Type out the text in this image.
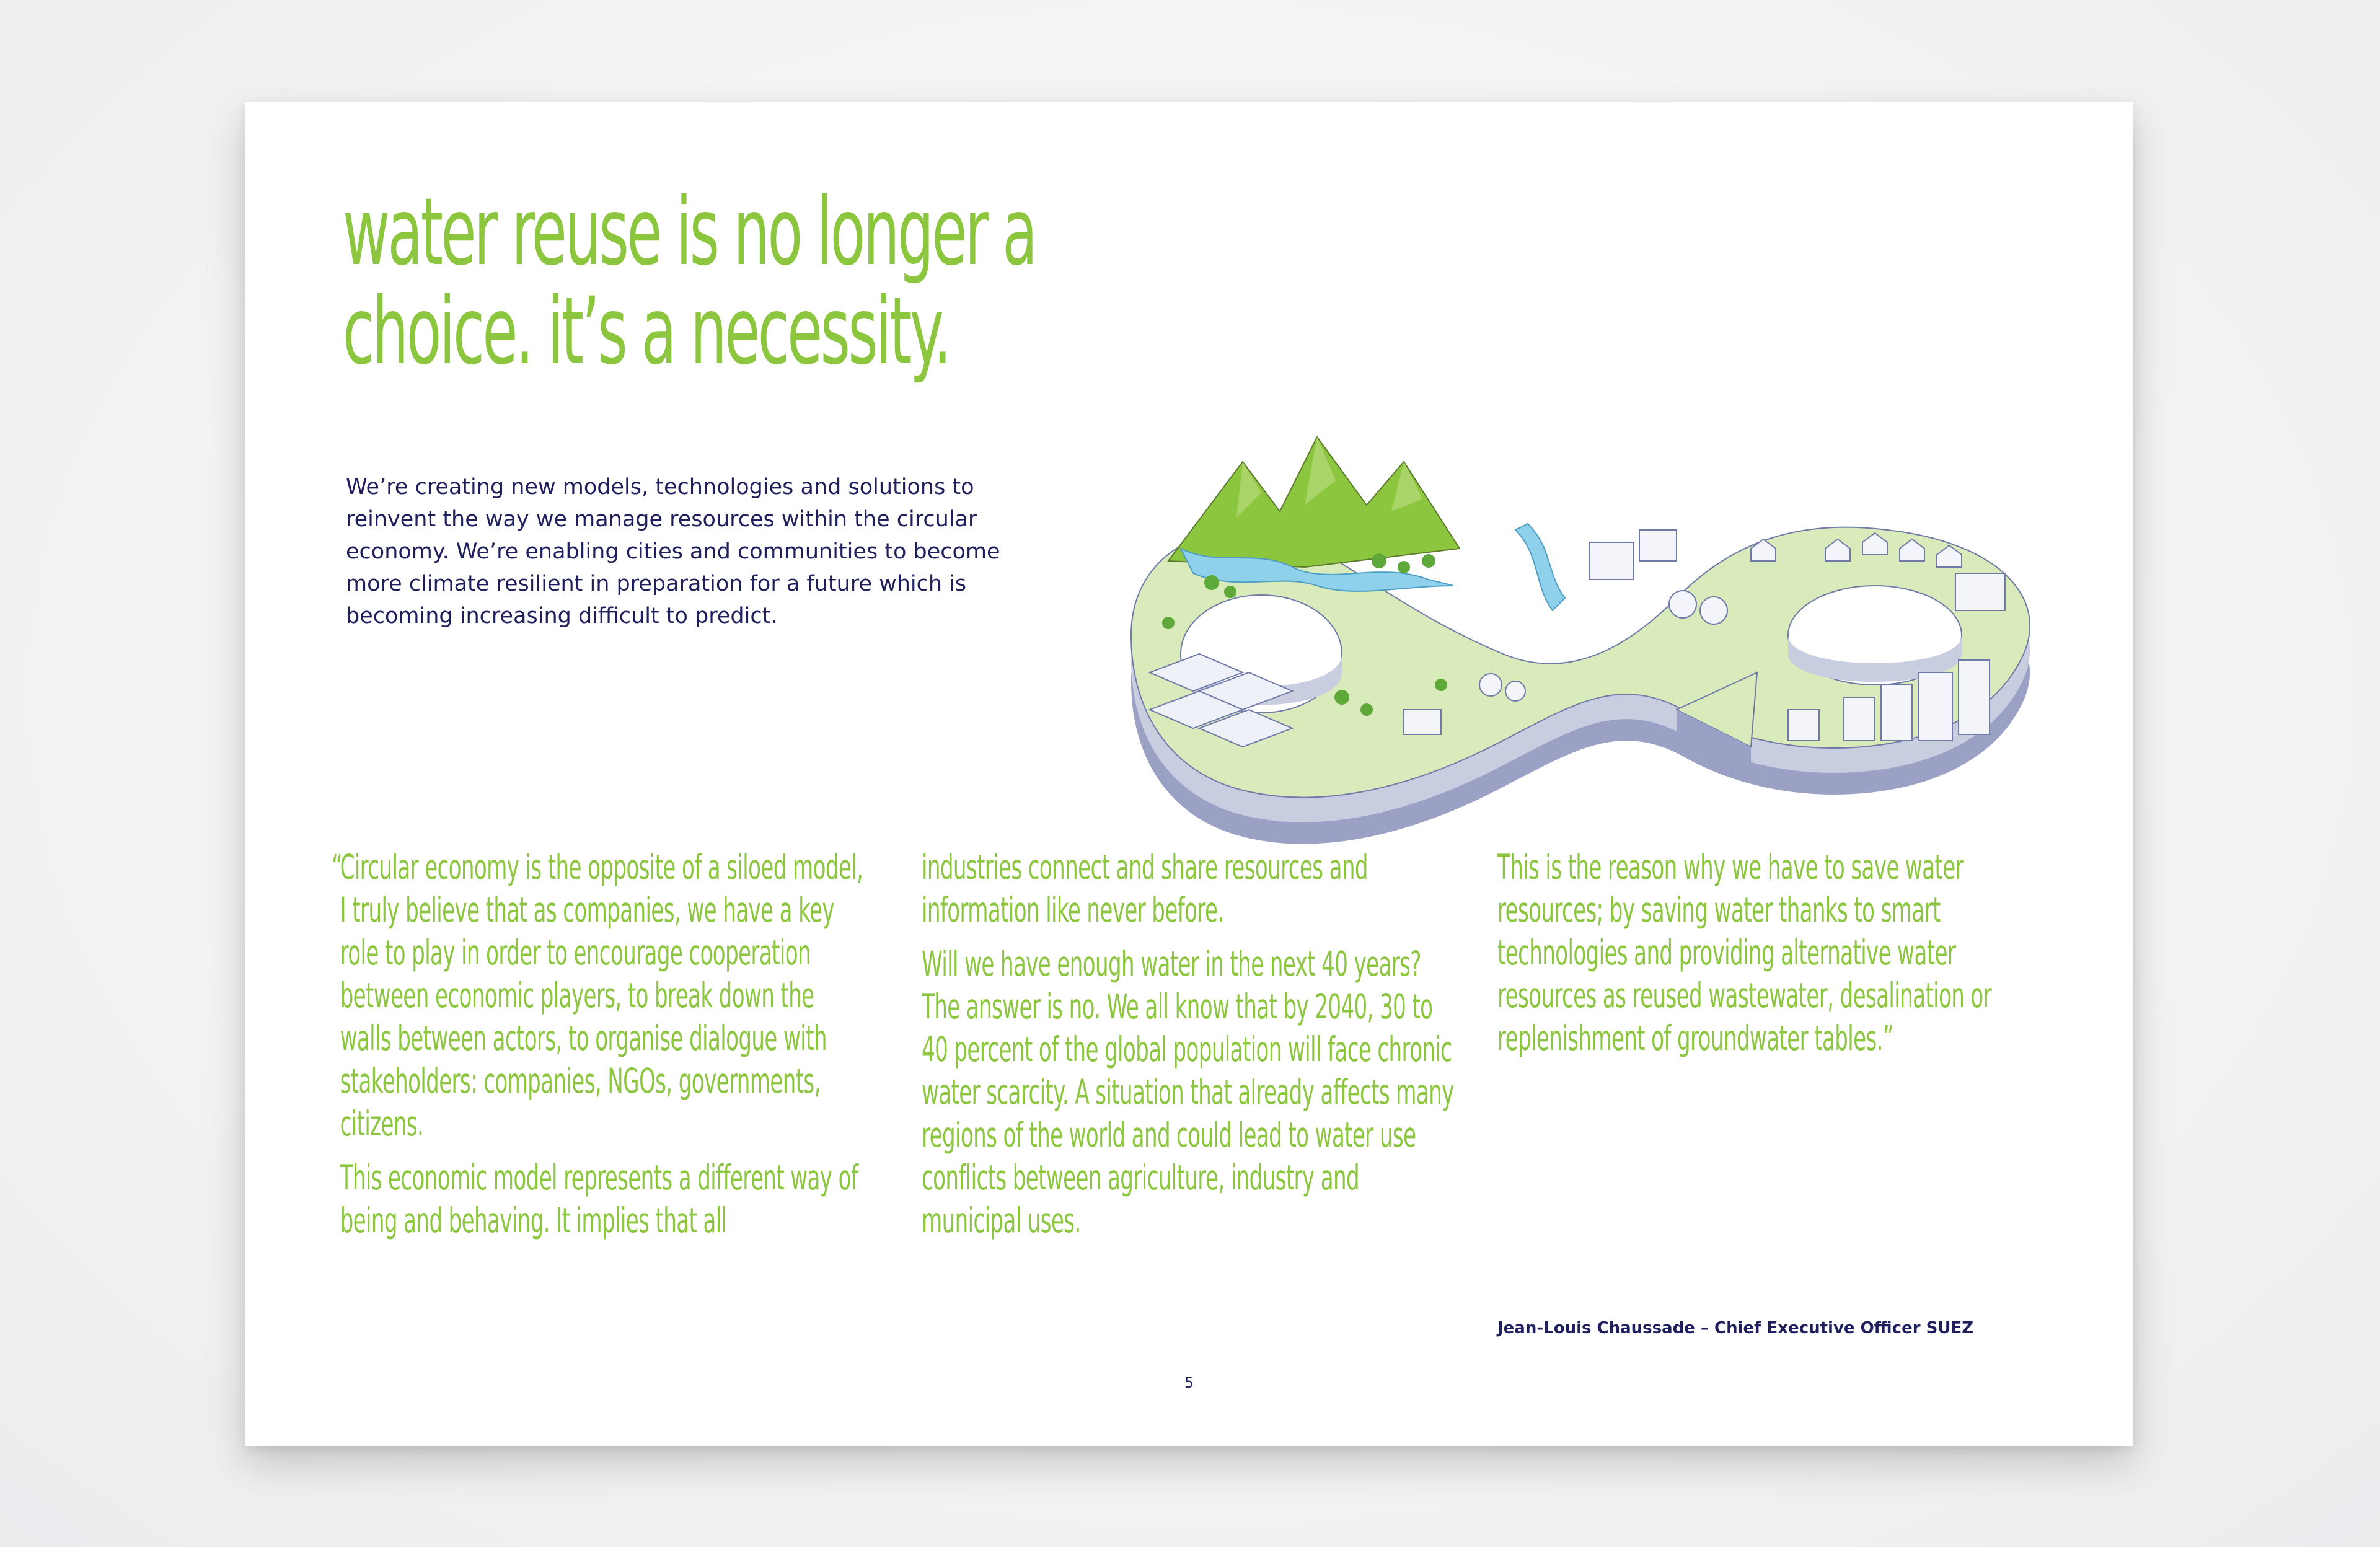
water reuse is no longer a
choice. it’s a necessity.

We’re creating new models, technologies and solutions to reinvent the way we manage resources within the circular economy. We’re enabling cities and communities to become more climate resilient in preparation for a future which is becoming increasing difficult to predict.

“Circular economy is the opposite of a siloed model, I truly believe that as companies, we have a key role to play in order to encourage cooperation between economic players, to break down the walls between actors, to organise dialogue with stakeholders: companies, NGOs, governments, citizens.

This economic model represents a different way of being and behaving. It implies that all

industries connect and share resources and information like never before.

Will we have enough water in the next 40 years? The answer is no. We all know that by 2040, 30 to 40 percent of the global population will face chronic water scarcity. A situation that already affects many regions of the world and could lead to water use conflicts between agriculture, industry and municipal uses.

This is the reason why we have to save water resources; by saving water thanks to smart technologies and providing alternative water resources as reused wastewater, desalination or replenishment of groundwater tables.”

Jean-Louis Chaussade – Chief Executive Officer SUEZ
5
